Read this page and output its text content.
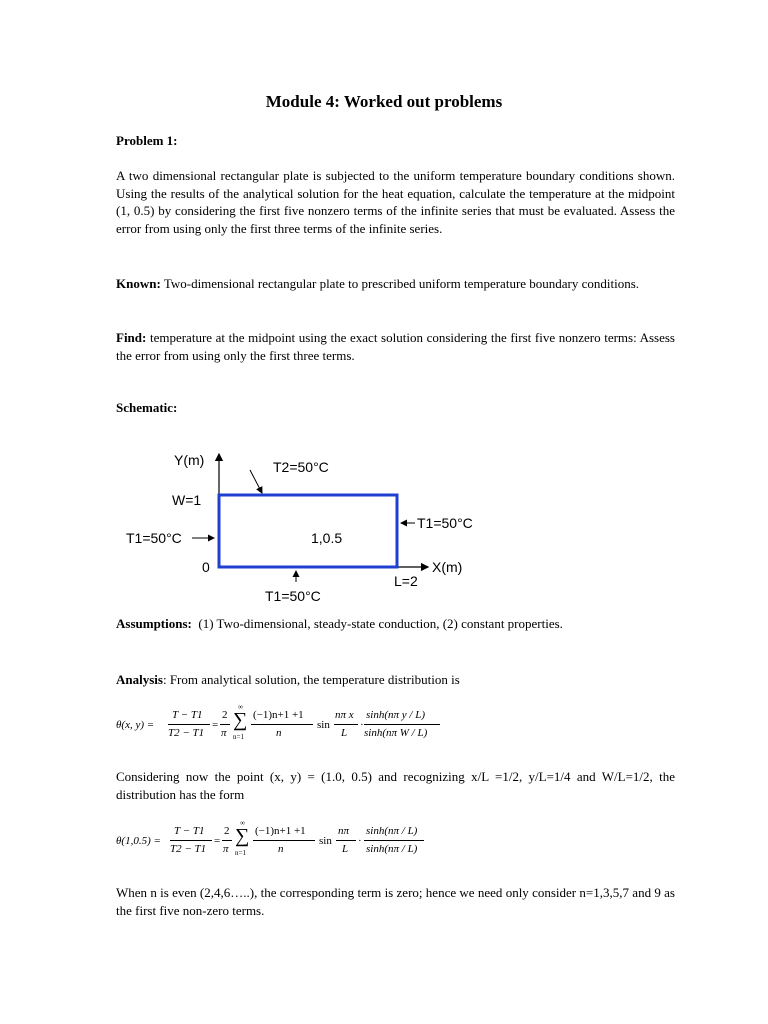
Module 4: Worked out problems

Problem 1:

A two dimensional rectangular plate is subjected to the uniform temperature boundary conditions shown. Using the results of the analytical solution for the heat equation, calculate the temperature at the midpoint (1, 0.5) by considering the first five nonzero terms of the infinite series that must be evaluated. Assess the error from using only the first three terms of the infinite series.

Known: Two-dimensional rectangular plate to prescribed uniform temperature boundary conditions.

Find: temperature at the midpoint using the exact solution considering the first five nonzero terms: Assess the error from using only the first three terms.

Schematic:

Y(m)
X(m)
T2=50°C
T1=50°C
T1=50°C
T1=50°C
W=1
0
L=2
1,0.5

Assumptions: (1) Two-dimensional, steady-state conduction, (2) constant properties.

Analysis: From analytical solution, the temperature distribution is

θ(x, y) =
T − T1
T2 − T1
=
2
π
∞
∑
n=1
(−1)n+1 +1
n
sin
nπ x
L
·
sinh(nπ y / L)
sinh(nπ W / L)

Considering now the point (x, y) = (1.0, 0.5) and recognizing x/L =1/2, y/L=1/4 and W/L=1/2, the distribution has the form

θ(1,0.5) =
T − T1
T2 − T1
=
2
π
∞
∑
n=1
(−1)n+1 +1
n
sin
nπ
L
·
sinh(nπ / L)
sinh(nπ / L)

When n is even (2,4,6…..), the corresponding term is zero; hence we need only consider n=1,3,5,7 and 9 as the first five non-zero terms.
